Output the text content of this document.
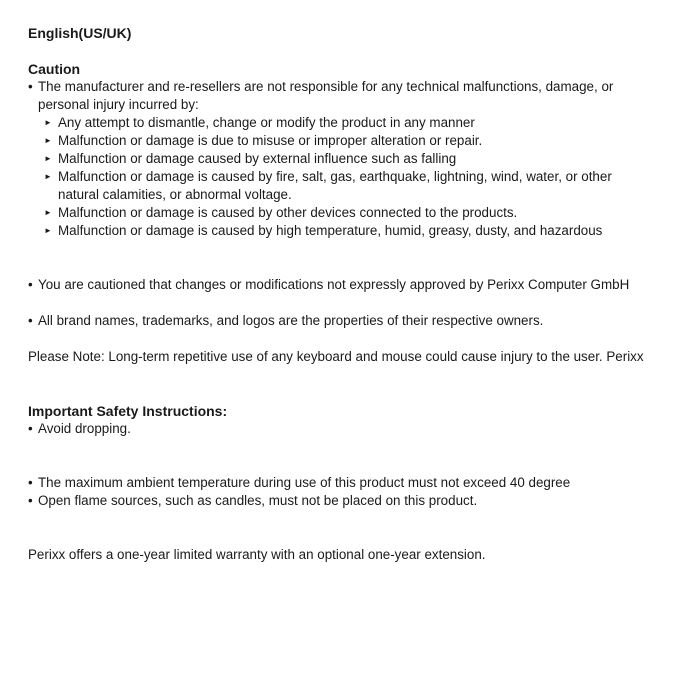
English(US/UK)
Caution
• The manufacturer and re-resellers are not responsible for any technical malfunctions, damage, or
personal injury incurred by:
► Any attempt to dismantle, change or modify the product in any manner
► Malfunction or damage is due to misuse or improper alteration or repair.
► Malfunction or damage caused by external influence such as falling
► Malfunction or damage is caused by fire, salt, gas, earthquake, lightning, wind, water, or other
natural calamities, or abnormal voltage.
► Malfunction or damage is caused by other devices connected to the products.
► Malfunction or damage is caused by high temperature, humid, greasy, dusty, and hazardous
• You are cautioned that changes or modifications not expressly approved by Perixx Computer GmbH
• All brand names, trademarks, and logos are the properties of their respective owners.
Please Note: Long-term repetitive use of any keyboard and mouse could cause injury to the user. Perixx
Important Safety Instructions:
• Avoid dropping.
• The maximum ambient temperature during use of this product must not exceed 40 degree
• Open flame sources, such as candles, must not be placed on this product.
Perixx offers a one-year limited warranty with an optional one-year extension.
